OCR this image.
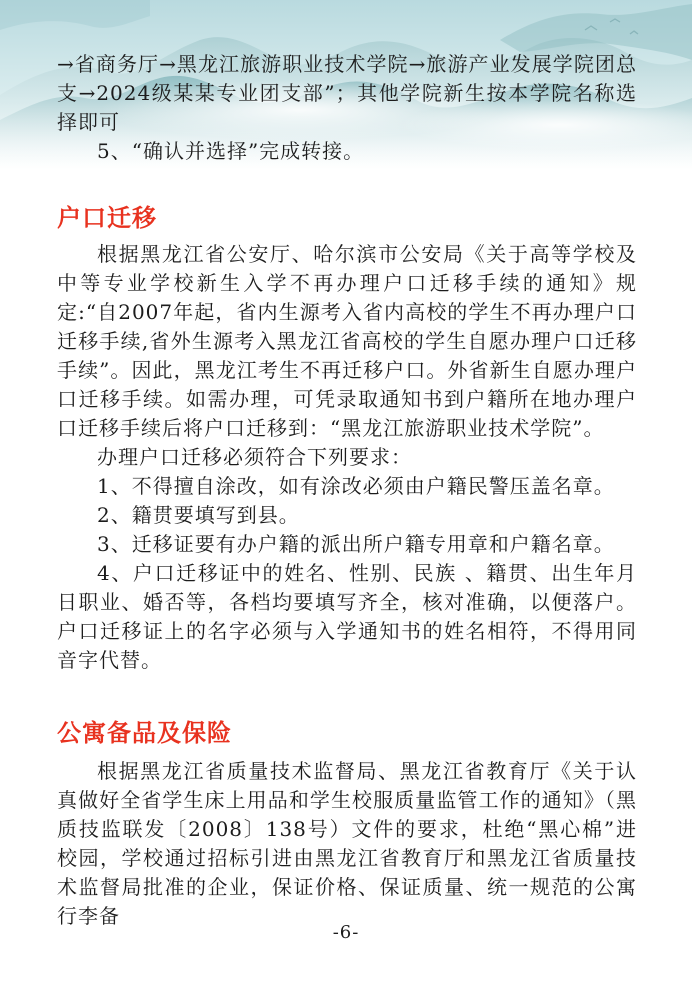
→省商务厅→黑龙江旅游职业技术学院→旅游产业发展学院团总支→2024级某某专业团支部”；其他学院新生按本学院名称选择即可

5、“确认并选择”完成转接。

户口迁移

根据黑龙江省公安厅、哈尔滨市公安局《关于高等学校及中等专业学校新生入学不再办理户口迁移手续的通知》规定:“自2007年起，省内生源考入省内高校的学生不再办理户口迁移手续,省外生源考入黑龙江省高校的学生自愿办理户口迁移手续”。因此，黑龙江考生不再迁移户口。外省新生自愿办理户口迁移手续。如需办理，可凭录取通知书到户籍所在地办理户口迁移手续后将户口迁移到：“黑龙江旅游职业技术学院”。

办理户口迁移必须符合下列要求：

1、不得擅自涂改，如有涂改必须由户籍民警压盖名章。

2、籍贯要填写到县。

3、迁移证要有办户籍的派出所户籍专用章和户籍名章。

4、户口迁移证中的姓名、性别、民族 、籍贯、出生年月日职业、婚否等，各档均要填写齐全，核对准确，以便落户。户口迁移证上的名字必须与入学通知书的姓名相符，不得用同音字代替。

公寓备品及保险

根据黑龙江省质量技术监督局、黑龙江省教育厅《关于认真做好全省学生床上用品和学生校服质量监管工作的通知》（黑质技监联发〔2008〕138号）文件的要求，杜绝“黑心棉”进校园，学校通过招标引进由黑龙江省教育厅和黑龙江省质量技术监督局批准的企业，保证价格、保证质量、统一规范的公寓行李备

-6-
